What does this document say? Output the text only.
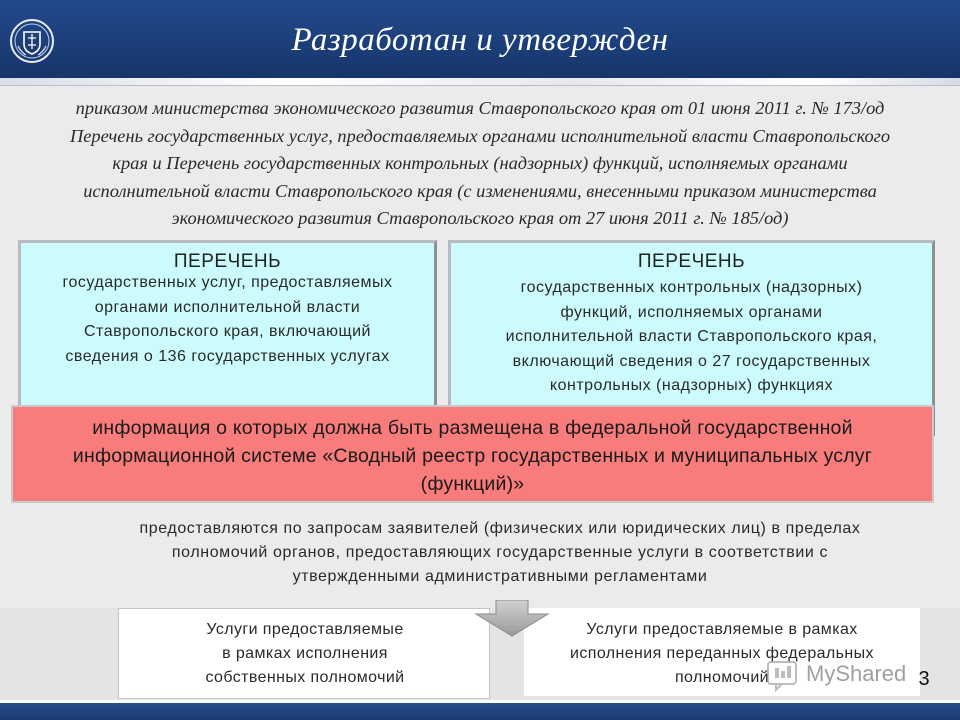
Разработан и утвержден
приказом министерства экономического развития Ставропольского края от 01 июня 2011 г. № 173/од
Перечень государственных услуг, предоставляемых органами исполнительной власти Ставропольского
края и Перечень государственных контрольных (надзорных) функций, исполняемых органами
исполнительной власти Ставропольского края (с изменениями, внесенными приказом министерства
экономического развития Ставропольского края от 27 июня 2011 г. № 185/од)
ПЕРЕЧЕНЬ
государственных услуг, предоставляемых
органами исполнительной власти
Ставропольского края, включающий
сведения о 136 государственных услугах
ПЕРЕЧЕНЬ
государственных контрольных (надзорных)
функций, исполняемых органами
исполнительной власти Ставропольского края,
включающий сведения о 27 государственных
контрольных (надзорных) функциях
информация о которых должна быть размещена в федеральной государственной
информационной системе «Сводный реестр государственных и муниципальных услуг
(функций)»
предоставляются по запросам заявителей (физических или юридических лиц) в пределах
полномочий органов, предоставляющих государственные услуги в соответствии с
утвержденными административными регламентами
Услуги предоставляемые
в рамках исполнения
собственных полномочий
Услуги предоставляемые в рамках
исполнения переданных федеральных
полномочий	MyShared 3
